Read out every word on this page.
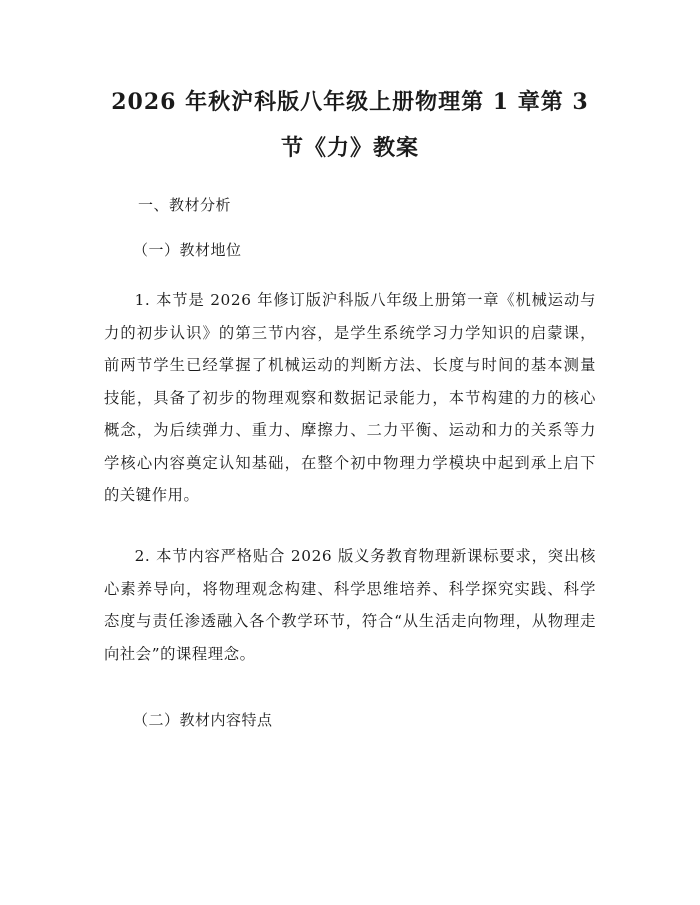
2026 年秋沪科版八年级上册物理第 1 章第 3
节《力》教案
一、教材分析
（一）教材地位
1. 本节是 2026 年修订版沪科版八年级上册第一章《机械运动与力的初步认识》的第三节内容，是学生系统学习力学知识的启蒙课，前两节学生已经掌握了机械运动的判断方法、长度与时间的基本测量技能，具备了初步的物理观察和数据记录能力，本节构建的力的核心概念，为后续弹力、重力、摩擦力、二力平衡、运动和力的关系等力学核心内容奠定认知基础，在整个初中物理力学模块中起到承上启下的关键作用。
2. 本节内容严格贴合 2026 版义务教育物理新课标要求，突出核心素养导向，将物理观念构建、科学思维培养、科学探究实践、科学态度与责任渗透融入各个教学环节，符合“从生活走向物理，从物理走向社会”的课程理念。
（二）教材内容特点
